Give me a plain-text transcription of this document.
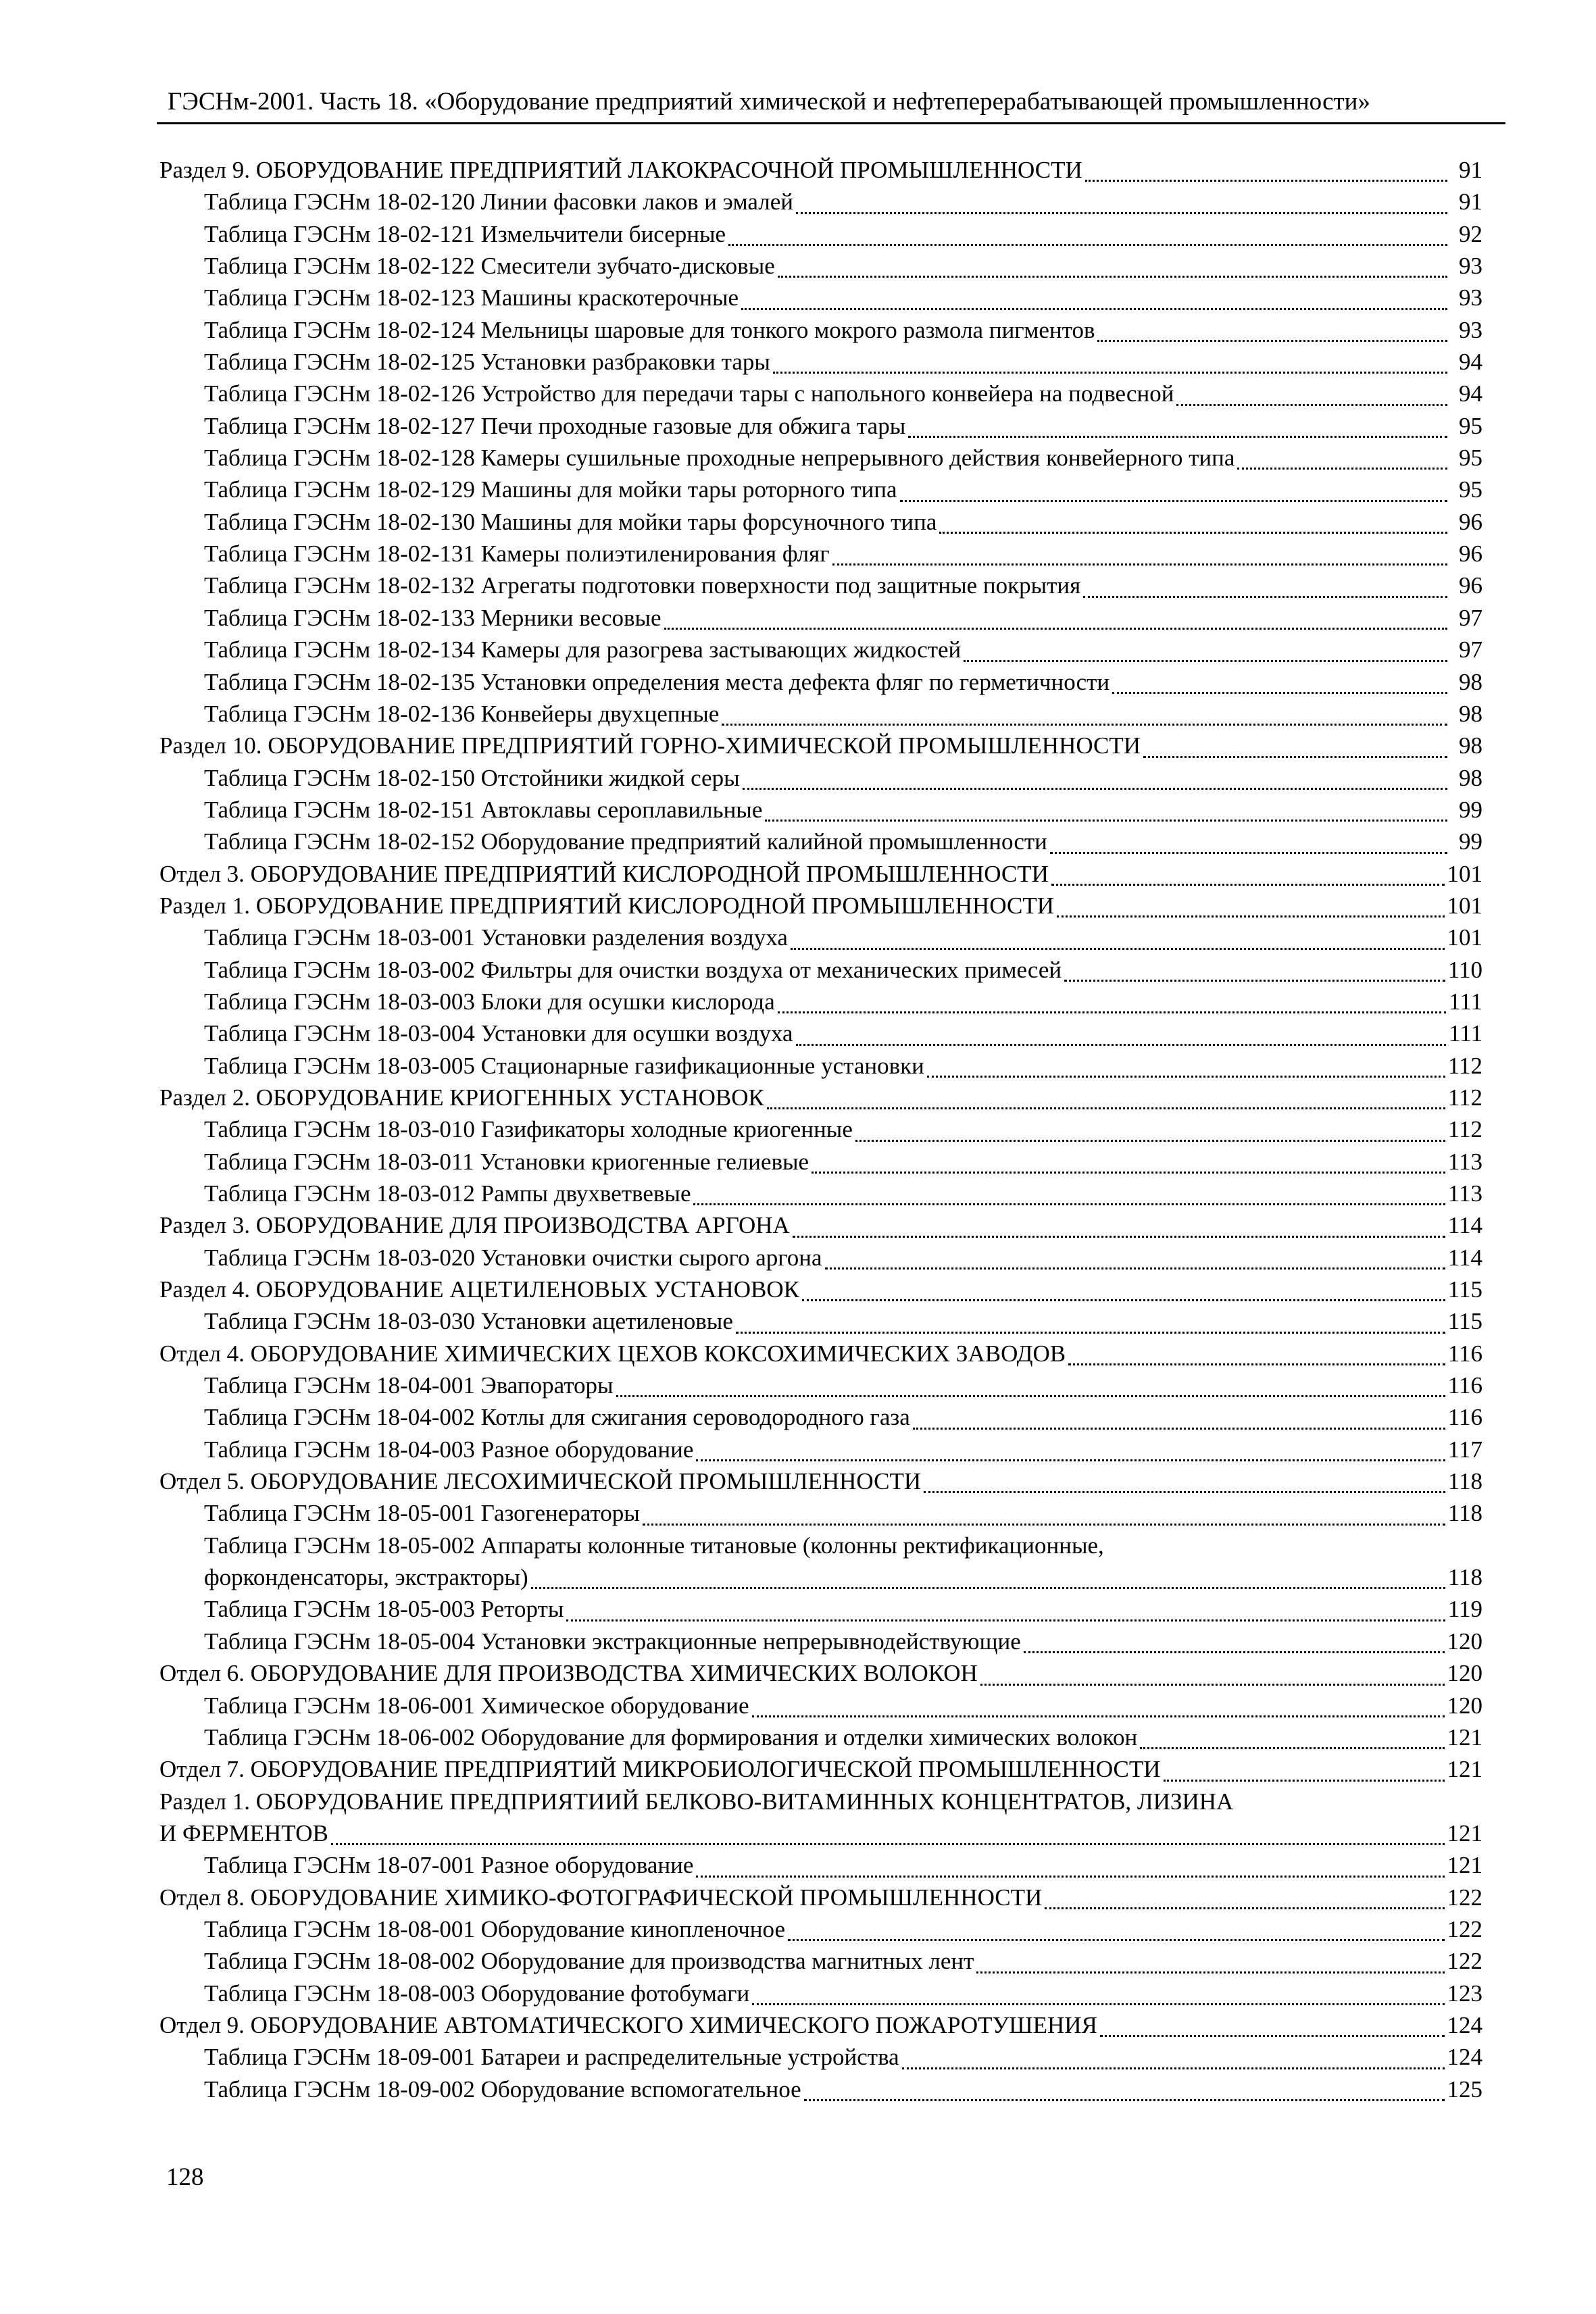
ГЭСНм-2001. Часть 18. «Оборудование предприятий химической и нефтеперерабатывающей промышленности»
Раздел 9. ОБОРУДОВАНИЕ ПРЕДПРИЯТИЙ ЛАКОКРАСОЧНОЙ ПРОМЫШЛЕННОСТИ	91
Таблица ГЭСНм 18-02-120 Линии фасовки лаков и эмалей	91
Таблица ГЭСНм 18-02-121 Измельчители бисерные	92
Таблица ГЭСНм 18-02-122 Смесители зубчато-дисковые	93
Таблица ГЭСНм 18-02-123 Машины краскотерочные	93
Таблица ГЭСНм 18-02-124 Мельницы шаровые для тонкого мокрого размола пигментов	93
Таблица ГЭСНм 18-02-125 Установки разбраковки тары	94
Таблица ГЭСНм 18-02-126 Устройство для передачи тары с напольного конвейера на подвесной	94
Таблица ГЭСНм 18-02-127 Печи проходные газовые для обжига тары	95
Таблица ГЭСНм 18-02-128 Камеры сушильные проходные непрерывного действия конвейерного типа	95
Таблица ГЭСНм 18-02-129 Машины для мойки тары роторного типа	95
Таблица ГЭСНм 18-02-130 Машины для мойки тары форсуночного типа	96
Таблица ГЭСНм 18-02-131 Камеры полиэтиленирования фляг	96
Таблица ГЭСНм 18-02-132 Агрегаты подготовки поверхности под защитные покрытия	96
Таблица ГЭСНм 18-02-133 Мерники весовые	97
Таблица ГЭСНм 18-02-134 Камеры для разогрева застывающих жидкостей	97
Таблица ГЭСНм 18-02-135 Установки определения места дефекта фляг по герметичности	98
Таблица ГЭСНм 18-02-136 Конвейеры двухцепные	98
Раздел 10. ОБОРУДОВАНИЕ ПРЕДПРИЯТИЙ ГОРНО-ХИМИЧЕСКОЙ ПРОМЫШЛЕННОСТИ	98
Таблица ГЭСНм 18-02-150 Отстойники жидкой серы	98
Таблица ГЭСНм 18-02-151 Автоклавы сероплавильные	99
Таблица ГЭСНм 18-02-152 Оборудование предприятий калийной промышленности	99
Отдел 3. ОБОРУДОВАНИЕ ПРЕДПРИЯТИЙ КИСЛОРОДНОЙ ПРОМЫШЛЕННОСТИ	101
Раздел 1. ОБОРУДОВАНИЕ ПРЕДПРИЯТИЙ КИСЛОРОДНОЙ ПРОМЫШЛЕННОСТИ	101
Таблица ГЭСНм 18-03-001 Установки разделения воздуха	101
Таблица ГЭСНм 18-03-002 Фильтры для очистки воздуха от механических примесей	110
Таблица ГЭСНм 18-03-003 Блоки для осушки кислорода	111
Таблица ГЭСНм 18-03-004 Установки для осушки воздуха	111
Таблица ГЭСНм 18-03-005 Стационарные газификационные установки	112
Раздел 2. ОБОРУДОВАНИЕ КРИОГЕННЫХ УСТАНОВОК	112
Таблица ГЭСНм 18-03-010 Газификаторы холодные криогенные	112
Таблица ГЭСНм 18-03-011 Установки криогенные гелиевые	113
Таблица ГЭСНм 18-03-012 Рампы двухветвевые	113
Раздел 3. ОБОРУДОВАНИЕ ДЛЯ ПРОИЗВОДСТВА АРГОНА	114
Таблица ГЭСНм 18-03-020 Установки очистки сырого аргона	114
Раздел 4. ОБОРУДОВАНИЕ АЦЕТИЛЕНОВЫХ УСТАНОВОК	115
Таблица ГЭСНм 18-03-030 Установки ацетиленовые	115
Отдел 4. ОБОРУДОВАНИЕ ХИМИЧЕСКИХ ЦЕХОВ КОКСОХИМИЧЕСКИХ ЗАВОДОВ	116
Таблица ГЭСНм 18-04-001 Эвапораторы	116
Таблица ГЭСНм 18-04-002 Котлы для сжигания сероводородного газа	116
Таблица ГЭСНм 18-04-003 Разное оборудование	117
Отдел 5. ОБОРУДОВАНИЕ ЛЕСОХИМИЧЕСКОЙ ПРОМЫШЛЕННОСТИ	118
Таблица ГЭСНм 18-05-001 Газогенераторы	118
Таблица ГЭСНм 18-05-002 Аппараты колонные титановые (колонны ректификационные,
форконденсаторы, экстракторы)	118
Таблица ГЭСНм 18-05-003 Реторты	119
Таблица ГЭСНм 18-05-004 Установки экстракционные непрерывнодействующие	120
Отдел 6. ОБОРУДОВАНИЕ ДЛЯ ПРОИЗВОДСТВА ХИМИЧЕСКИХ ВОЛОКОН	120
Таблица ГЭСНм 18-06-001 Химическое оборудование	120
Таблица ГЭСНм 18-06-002 Оборудование для формирования и отделки химических волокон	121
Отдел 7. ОБОРУДОВАНИЕ ПРЕДПРИЯТИЙ МИКРОБИОЛОГИЧЕСКОЙ ПРОМЫШЛЕННОСТИ	121
Раздел 1. ОБОРУДОВАНИЕ ПРЕДПРИЯТИИЙ БЕЛКОВО-ВИТАМИННЫХ КОНЦЕНТРАТОВ, ЛИЗИНА
И ФЕРМЕНТОВ	121
Таблица ГЭСНм 18-07-001 Разное оборудование	121
Отдел 8. ОБОРУДОВАНИЕ ХИМИКО-ФОТОГРАФИЧЕСКОЙ ПРОМЫШЛЕННОСТИ	122
Таблица ГЭСНм 18-08-001 Оборудование кинопленочное	122
Таблица ГЭСНм 18-08-002 Оборудование для производства магнитных лент	122
Таблица ГЭСНм 18-08-003 Оборудование фотобумаги	123
Отдел 9. ОБОРУДОВАНИЕ АВТОМАТИЧЕСКОГО ХИМИЧЕСКОГО ПОЖАРОТУШЕНИЯ	124
Таблица ГЭСНм 18-09-001 Батареи и распределительные устройства	124
Таблица ГЭСНм 18-09-002 Оборудование вспомогательное	125
128
